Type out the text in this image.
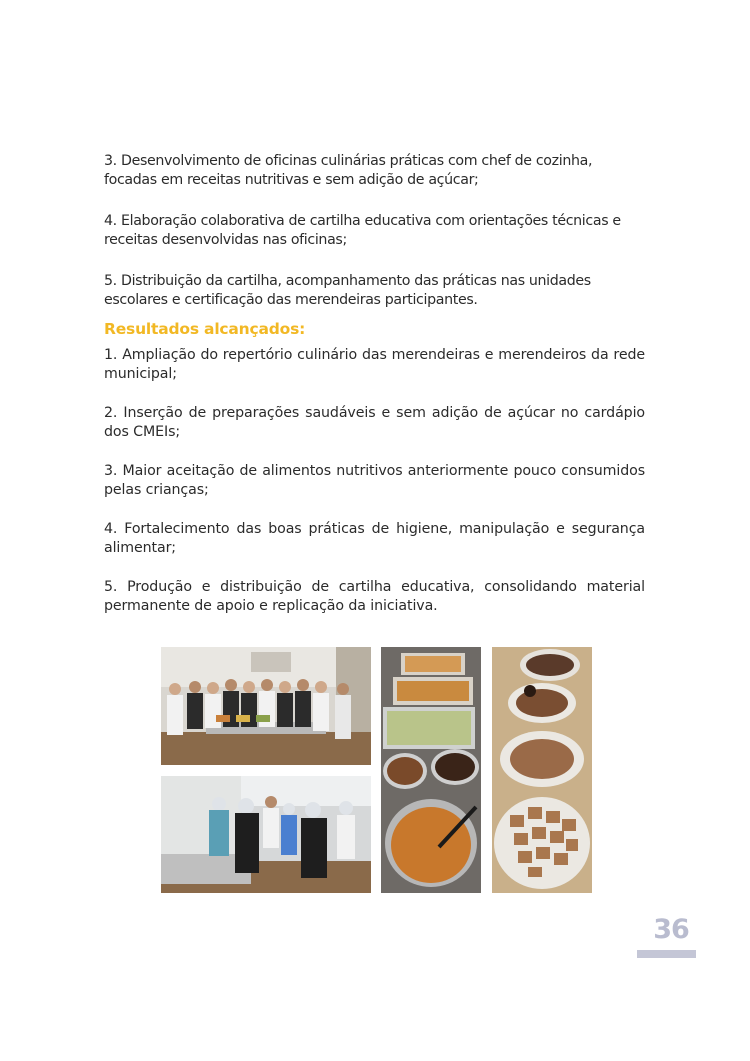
3. Desenvolvimento de oficinas culinárias práticas com chef de cozinha, focadas em receitas nutritivas e sem adição de açúcar;

4. Elaboração colaborativa de cartilha educativa com orientações técnicas e receitas desenvolvidas nas oficinas;

5. Distribuição da cartilha, acompanhamento das práticas nas unidades escolares e certificação das merendeiras participantes.

Resultados alcançados:

1. Ampliação do repertório culinário das merendeiras e merendeiros da rede municipal;

2. Inserção de preparações saudáveis e sem adição de açúcar no cardápio dos CMEIs;

3. Maior aceitação de alimentos nutritivos anteriormente pouco consumidos pelas crianças;

4. Fortalecimento das boas práticas de higiene, manipulação e segurança alimentar;

5. Produção e distribuição de cartilha educativa, consolidando material permanente de apoio e replicação da iniciativa.

36
